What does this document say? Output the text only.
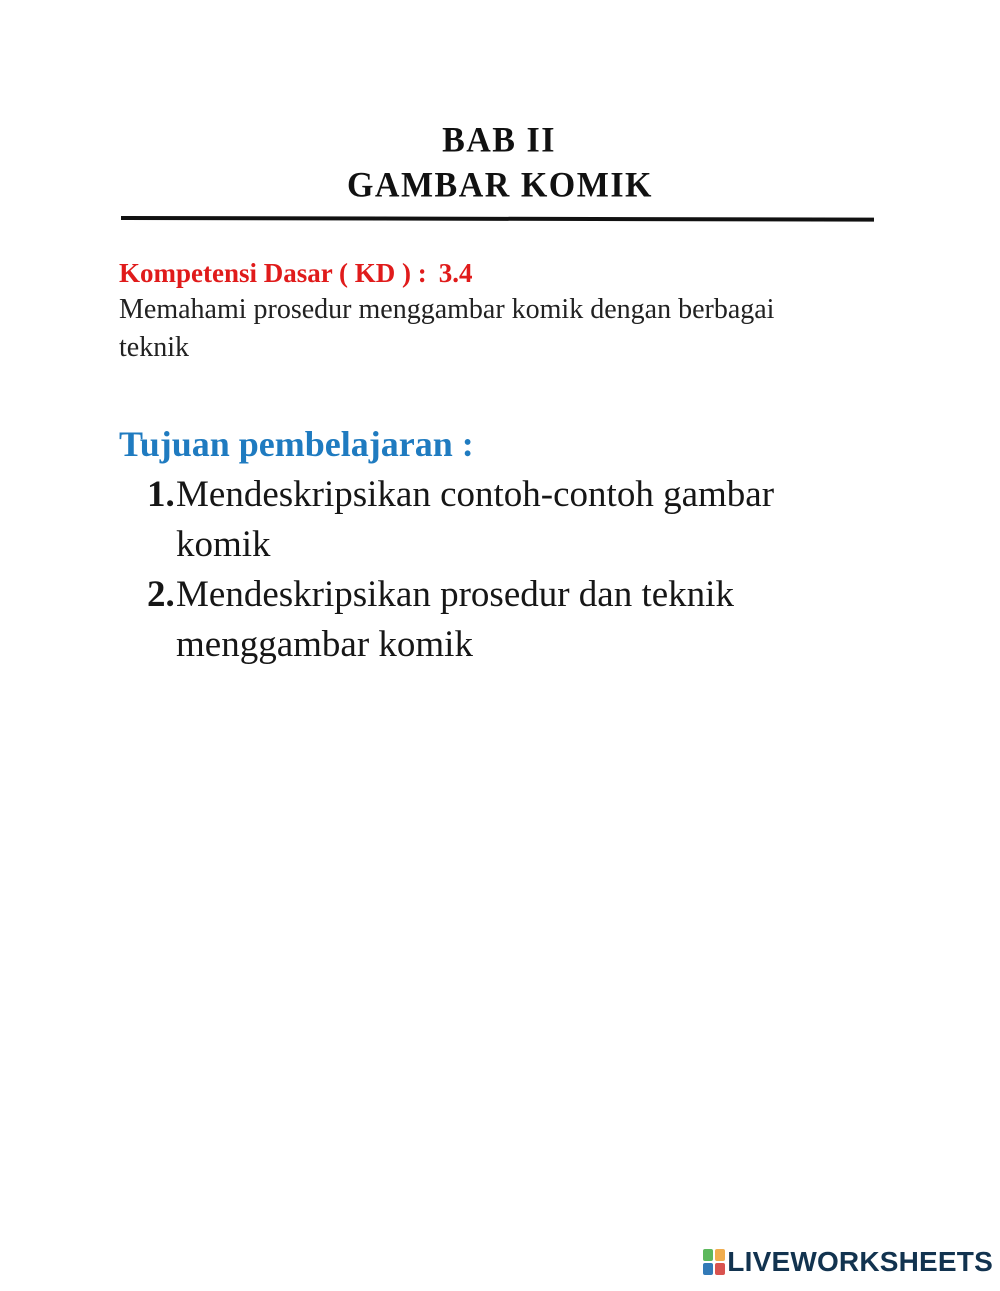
BAB II
GAMBAR KOMIK
Kompetensi Dasar ( KD ) : 3.4
Memahami prosedur menggambar komik dengan berbagai teknik
Tujuan pembelajaran :
1. Mendeskripsikan contoh-contoh gambar komik
2. Mendeskripsikan prosedur dan teknik menggambar komik
LIVEWORKSHEETS
